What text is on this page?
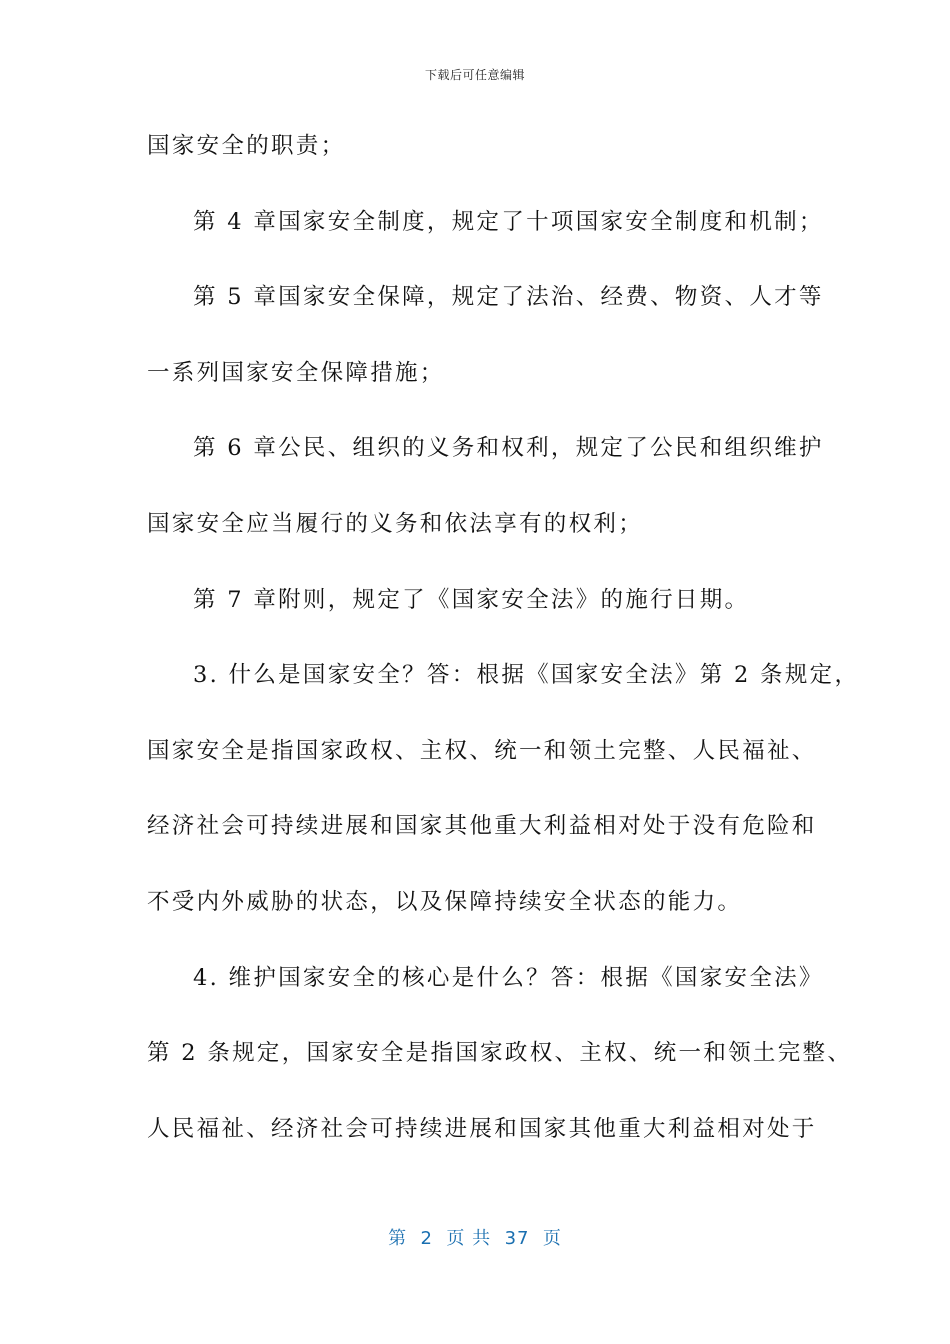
下载后可任意编辑
国家安全的职责；
第 4 章国家安全制度，规定了十项国家安全制度和机制；
第 5 章国家安全保障，规定了法治、经费、物资、人才等
一系列国家安全保障措施；
第 6 章公民、组织的义务和权利，规定了公民和组织维护
国家安全应当履行的义务和依法享有的权利；
第 7 章附则，规定了《国家安全法》的施行日期。
3. 什么是国家安全？答：根据《国家安全法》第 2 条规定，
国家安全是指国家政权、主权、统一和领土完整、人民福祉、
经济社会可持续进展和国家其他重大利益相对处于没有危险和
不受内外威胁的状态，以及保障持续安全状态的能力。
4. 维护国家安全的核心是什么？答：根据《国家安全法》
第 2 条规定，国家安全是指国家政权、主权、统一和领土完整、
人民福祉、经济社会可持续进展和国家其他重大利益相对处于
第  2  页 共  37  页
